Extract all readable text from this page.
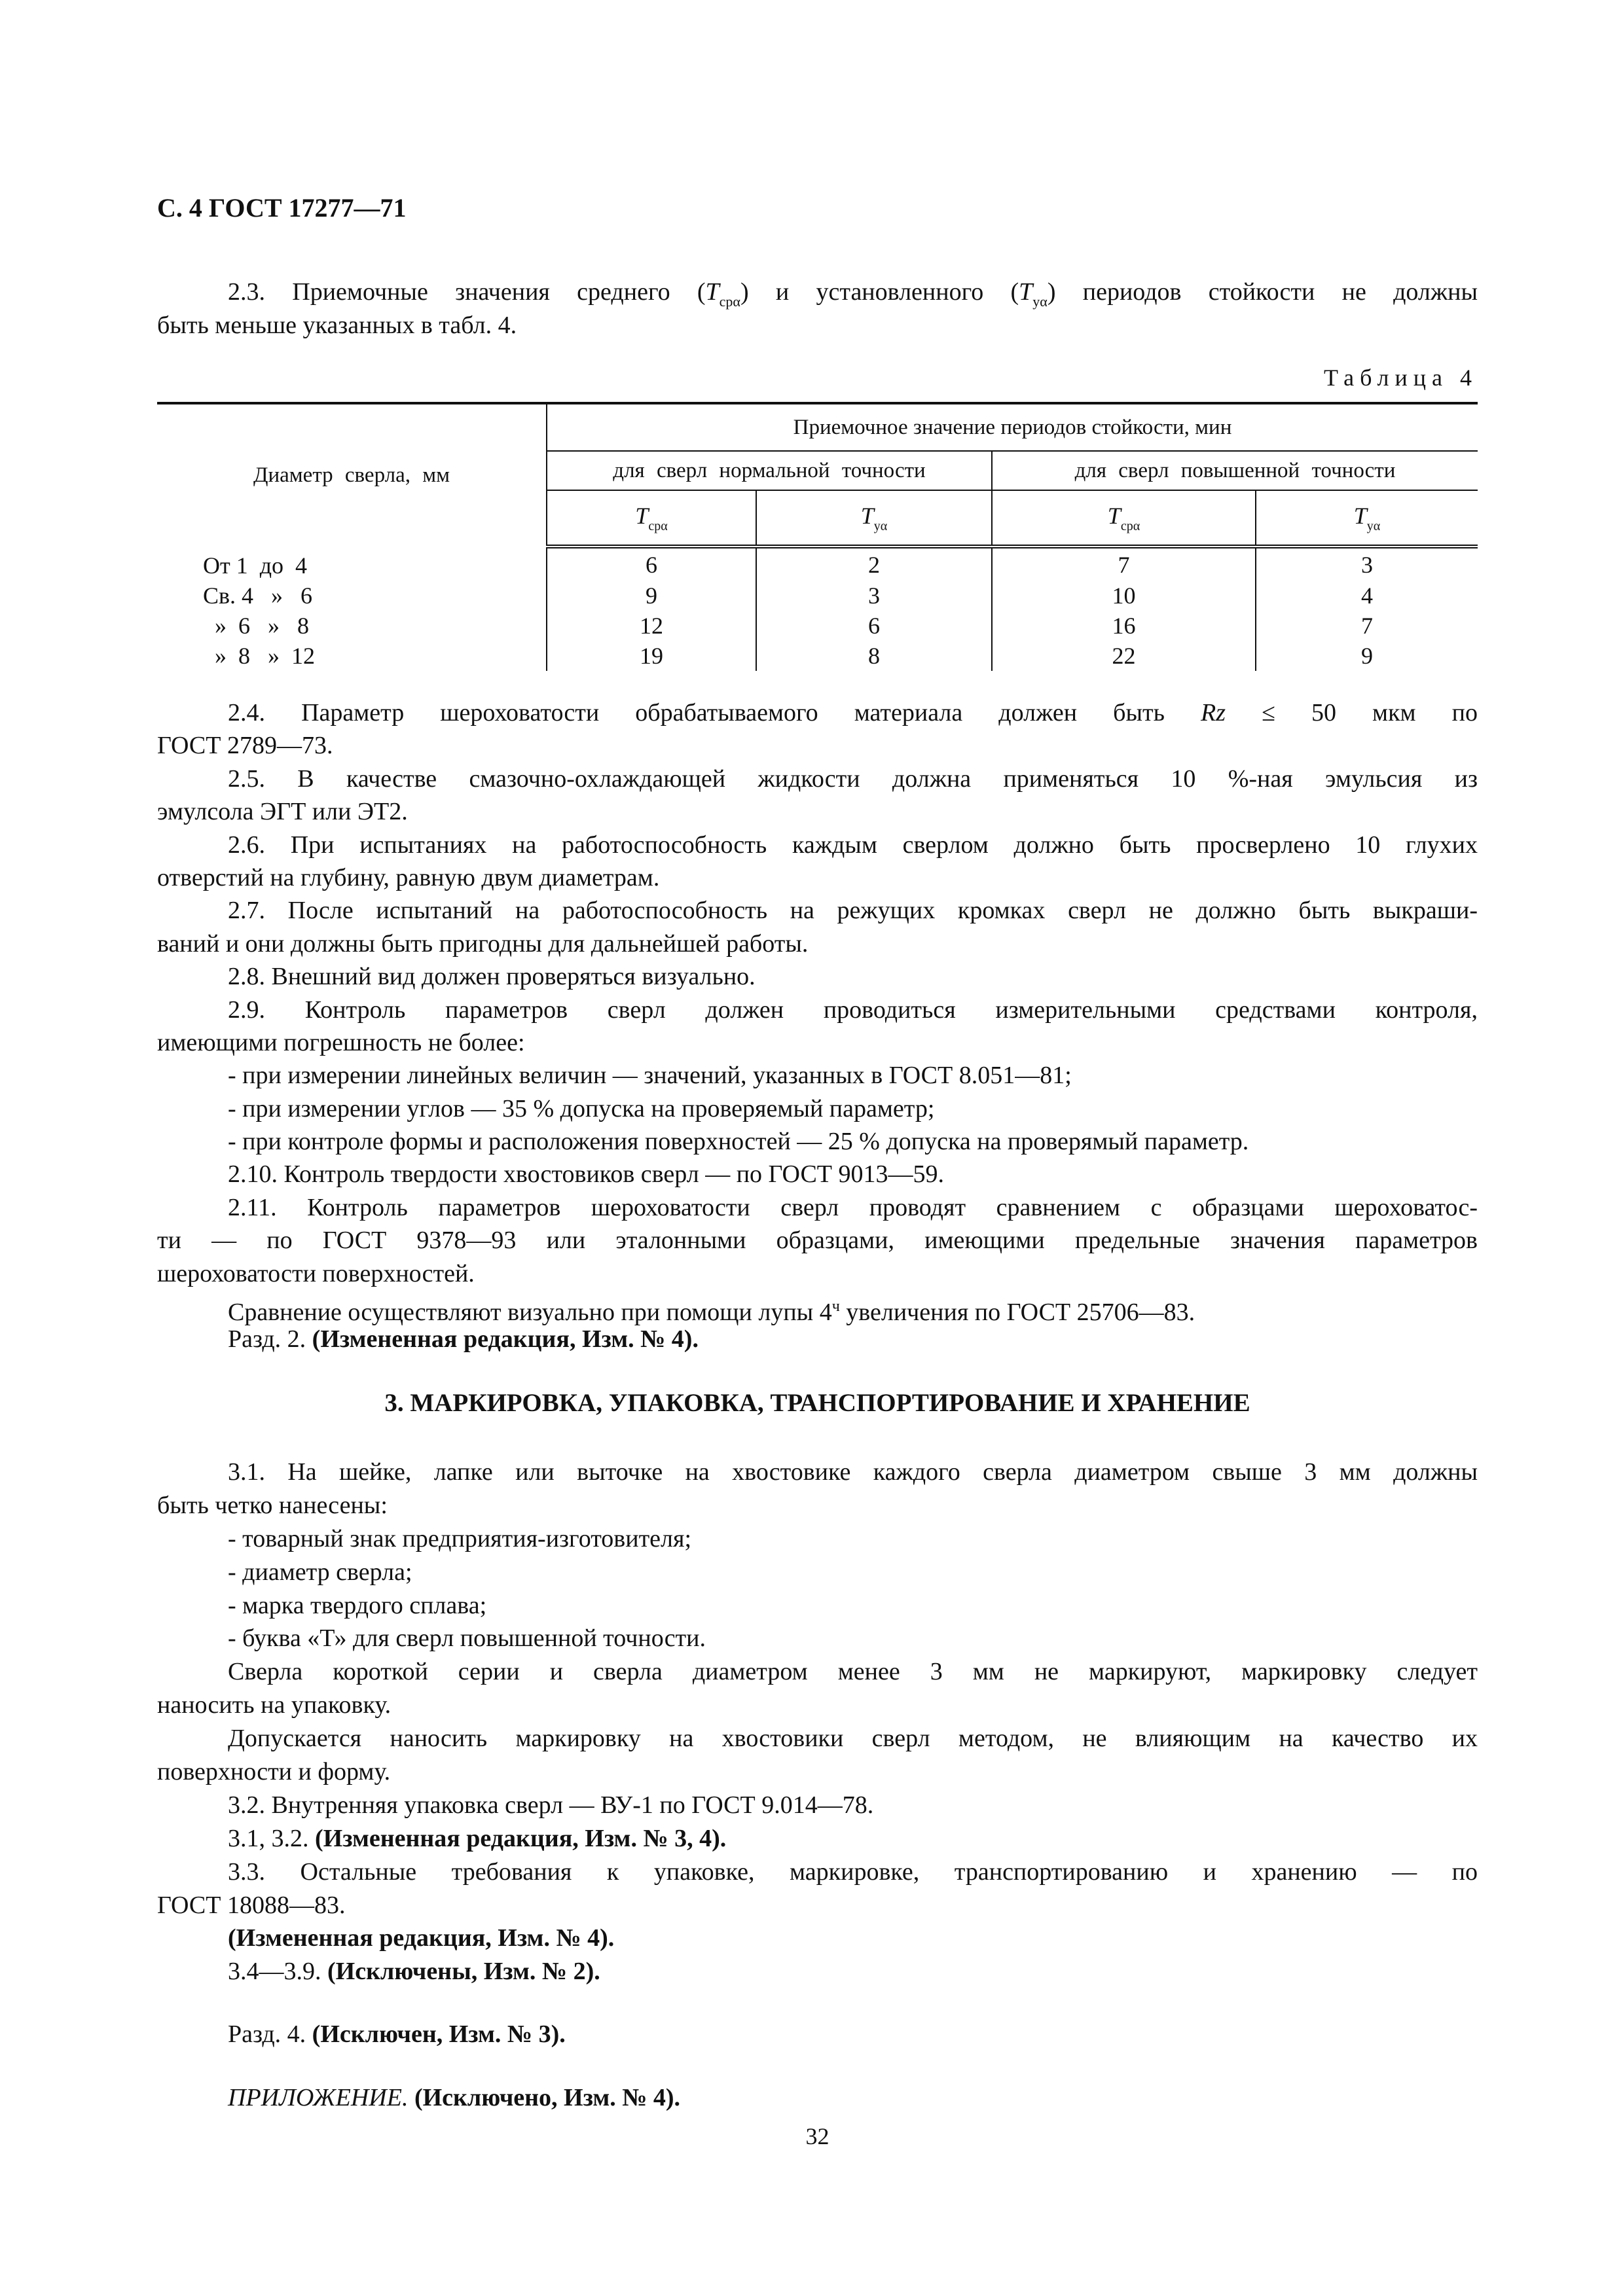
С. 4 ГОСТ 17277—71
2.3. Приемочные значения среднего $(T_{ср\alpha})$ и установленного $(T_{у\alpha})$ периодов стойкости не должны
быть меньше указанных в табл. 4.
Таблица 4
Диаметр сверла, мм	Приемочное значение периодов стойкости, мин			
	для сверл нормальной точности		для сверл повышенной точности	
	$T_{ср\alpha}$	$T_{у\alpha}$	$T_{ср\alpha}$	$T_{у\alpha}$
От 1  до  4	6	2	7	3
Св. 4   »   6	9	3	10	4
»  6   »   8	12	6	16	7
»  8   »  12	19	8	22	9
2.4. Параметр шероховатости обрабатываемого материала должен быть Rz ≤ 50 мкм по
ГОСТ 2789—73.
2.5. В качестве смазочно-охлаждающей жидкости должна применяться 10 %-ная эмульсия из
эмулсола ЭГТ или ЭТ2.
2.6. При испытаниях на работоспособность каждым сверлом должно быть просверлено 10 глухих
отверстий на глубину, равную двум диаметрам.
2.7. После испытаний на работоспособность на режущих кромках сверл не должно быть выкраши-
ваний и они должны быть пригодны для дальнейшей работы.
2.8. Внешний вид должен проверяться визуально.
2.9. Контроль параметров сверл должен проводиться измерительными средствами контроля,
имеющими погрешность не более:
- при измерении линейных величин — значений, указанных в ГОСТ 8.051—81;
- при измерении углов — 35 % допуска на проверяемый параметр;
- при контроле формы и расположения поверхностей — 25 % допуска на проверямый параметр.
2.10. Контроль твердости хвостовиков сверл — по ГОСТ 9013—59.
2.11. Контроль параметров шероховатости сверл проводят сравнением с образцами шероховатос-
ти — по ГОСТ 9378—93 или эталонными образцами, имеющими предельные значения параметров
шероховатости поверхностей.
Сравнение осуществляют визуально при помощи лупы $4^ч$ увеличения по ГОСТ 25706—83.
Разд. 2. (Измененная редакция, Изм. № 4).
3. МАРКИРОВКА, УПАКОВКА, ТРАНСПОРТИРОВАНИЕ И ХРАНЕНИЕ
3.1. На шейке, лапке или выточке на хвостовике каждого сверла диаметром свыше 3 мм должны
быть четко нанесены:
- товарный знак предприятия-изготовителя;
- диаметр сверла;
- марка твердого сплава;
- буква «Т» для сверл повышенной точности.
Сверла короткой серии и сверла диаметром менее 3 мм не маркируют, маркировку следует
наносить на упаковку.
Допускается наносить маркировку на хвостовики сверл методом, не влияющим на качество их
поверхности и форму.
3.2. Внутренняя упаковка сверл — ВУ-1 по ГОСТ 9.014—78.
3.1, 3.2. (Измененная редакция, Изм. № 3, 4).
3.3. Остальные требования к упаковке, маркировке, транспортированию и хранению — по
ГОСТ 18088—83.
(Измененная редакция, Изм. № 4).
3.4—3.9. (Исключены, Изм. № 2).
Разд. 4. (Исключен, Изм. № 3).
ПРИЛОЖЕНИЕ. (Исключено, Изм. № 4).
32
